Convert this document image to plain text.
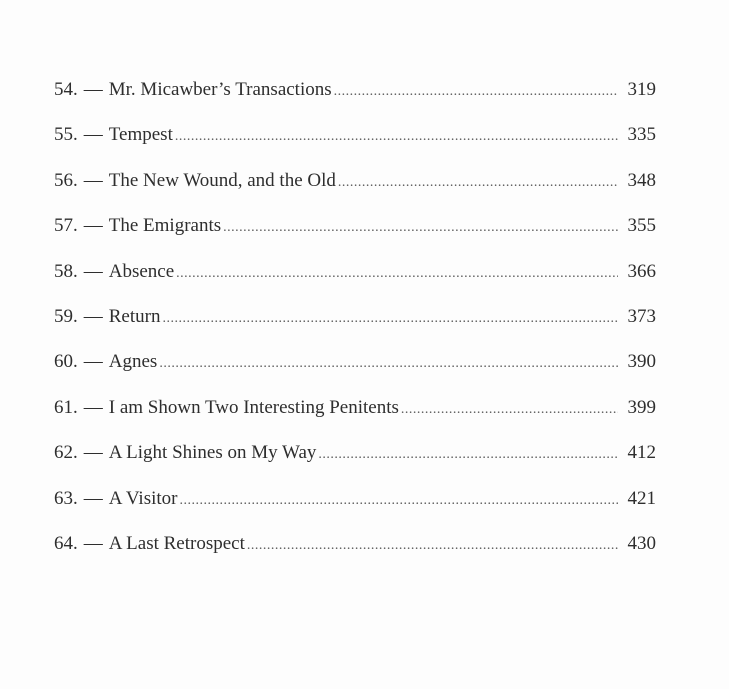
54. — Mr. Micawber’s Transactions .....	319
55. — Tempest .....	335
56. — The New Wound, and the Old .....	348
57. — The Emigrants .....	355
58. — Absence .....	366
59. — Return .....	373
60. — Agnes .....	390
61. — I am Shown Two Interesting Penitents .....	399
62. — A Light Shines on My Way .....	412
63. — A Visitor .....	421
64. — A Last Retrospect .....	430
